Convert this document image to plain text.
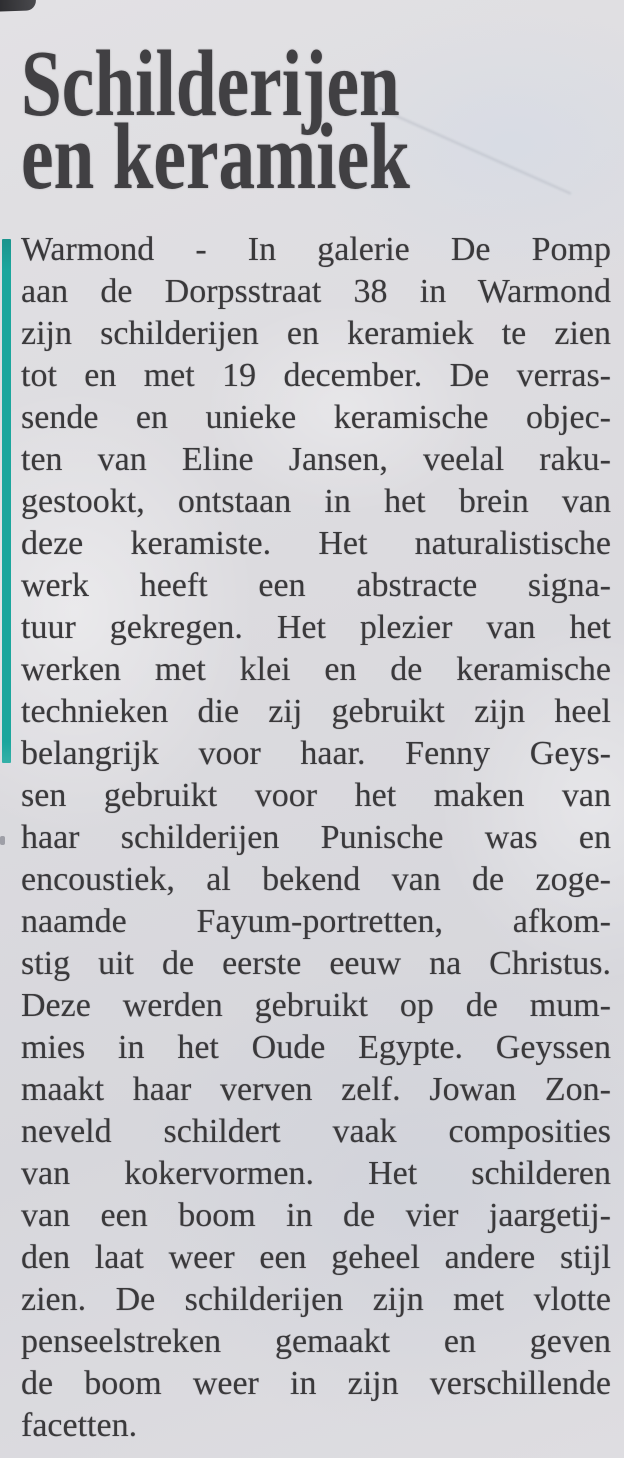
Schilderijen
en keramiek
Warmond - In galerie De Pomp
aan de Dorpsstraat 38 in Warmond
zijn schilderijen en keramiek te zien
tot en met 19 december. De verras-
sende en unieke keramische objec-
ten van Eline Jansen, veelal raku-
gestookt, ontstaan in het brein van
deze keramiste. Het naturalistische
werk heeft een abstracte signa-
tuur gekregen. Het plezier van het
werken met klei en de keramische
technieken die zij gebruikt zijn heel
belangrijk voor haar. Fenny Geys-
sen gebruikt voor het maken van
haar schilderijen Punische was en
encoustiek, al bekend van de zoge-
naamde Fayum-portretten, afkom-
stig uit de eerste eeuw na Christus.
Deze werden gebruikt op de mum-
mies in het Oude Egypte. Geyssen
maakt haar verven zelf. Jowan Zon-
neveld schildert vaak composities
van kokervormen. Het schilderen
van een boom in de vier jaargetij-
den laat weer een geheel andere stijl
zien. De schilderijen zijn met vlotte
penseelstreken gemaakt en geven
de boom weer in zijn verschillende
facetten.
